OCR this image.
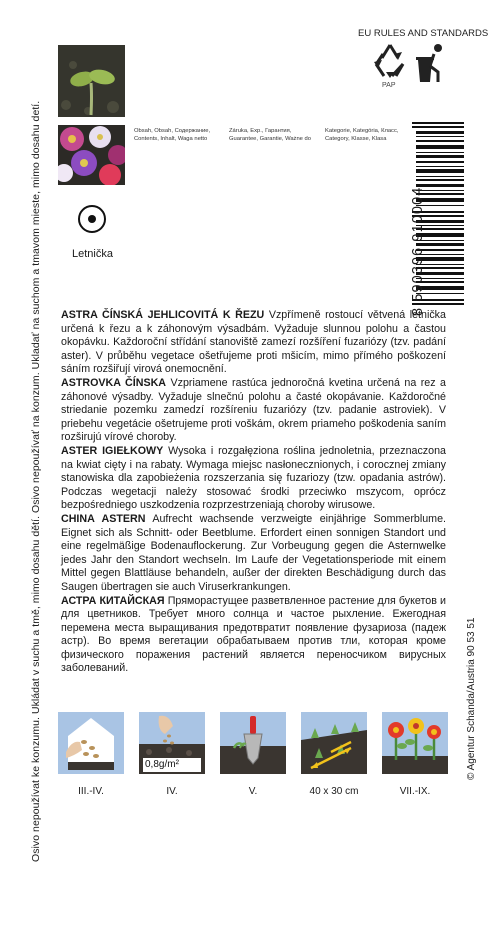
Osivo nepoužívat ke konzumu. Ukládat v suchu a tmě, mimo dosahu dětí. Osivo nepoužívať na konzum. Ukladať na suchom a tmavom mieste, mimo dosahu detí.	Obsah, Obsah, Содержание,
Contents, Inhalt, Waga netto
Záruka, Exp., Гарантия,
Guarantee, Garantie, Ważne do
Kategorie, Kategória, Класс,
Category, Klasse, Klasa
Letnička
EU RULES AND STANDARDS
PAP
8 590396 910004
© Agentur Schanda/Austria 90 53 51

ASTRA ČÍNSKÁ JEHLICOVITÁ K ŘEZU Vzpřímeně rostoucí větvená letnička určená k řezu a k záhonovým výsadbám. Vyžaduje slunnou polohu a častou okopávku. Každoroční střídání stanoviště zamezí rozšíření fuzariózy (tzv. padání aster). V průběhu vegetace ošetřujeme proti mšicím, mimo přímého poškození sáním rozšiřují virová onemocnění.

ASTROVKA ČÍNSKA Vzpriamene rastúca jednoročná kvetina určená na rez a záhonové výsadby. Vyžaduje slnečnú polohu a časté okopávanie. Každoročné striedanie pozemku zamedzí rozšíreniu fuzariózy (tzv. padanie astroviek). V priebehu vegetácie ošetrujeme proti voškám, okrem priameho poškodenia saním rozširujú vírové choroby.

ASTER IGIEŁKOWY Wysoka i rozgałęziona roślina jednoletnia, przeznaczona na kwiat cięty i na rabaty. Wymaga miejsc nasłonecznionych, i corocznej zmiany stanowiska dla zapobieżenia rozszerzania się fuzariozy (tzw. opadania astrów). Podczas wegetacji należy stosować środki przeciwko mszycom, oprócz bezpośredniego uszkodzenia rozprzestrzeniają choroby wirusowe.

CHINA ASTERN Aufrecht wachsende verzweigte einjährige Sommerblume. Eignet sich als Schnitt- oder Beetblume. Erfordert einen sonnigen Standort und eine regelmäßige Bodenauflockerung. Zur Vorbeugung gegen die Asternwelke jedes Jahr den Standort wechseln. Im Laufe der Vegetationsperiode mit einem Mittel gegen Blattläuse behandeln, außer der direkten Beschädigung durch das Saugen übertragen sie auch Viruserkrankungen.

АСТРА КИТАЙСКАЯ Пряморастущее разветвленное растение для букетов и для цветников. Требует много солнца и частое рыхление. Ежегодная перемена места выращивания предотвратит появление фузариоза (падеж астр). Во время вегетации обрабатываем против тли, которая кроме физического поражения растений является переносчиком вирусных заболеваний.

0,8g/m²
III.-IV.	IV.	V.	40 x 30 cm	VII.-IX.
